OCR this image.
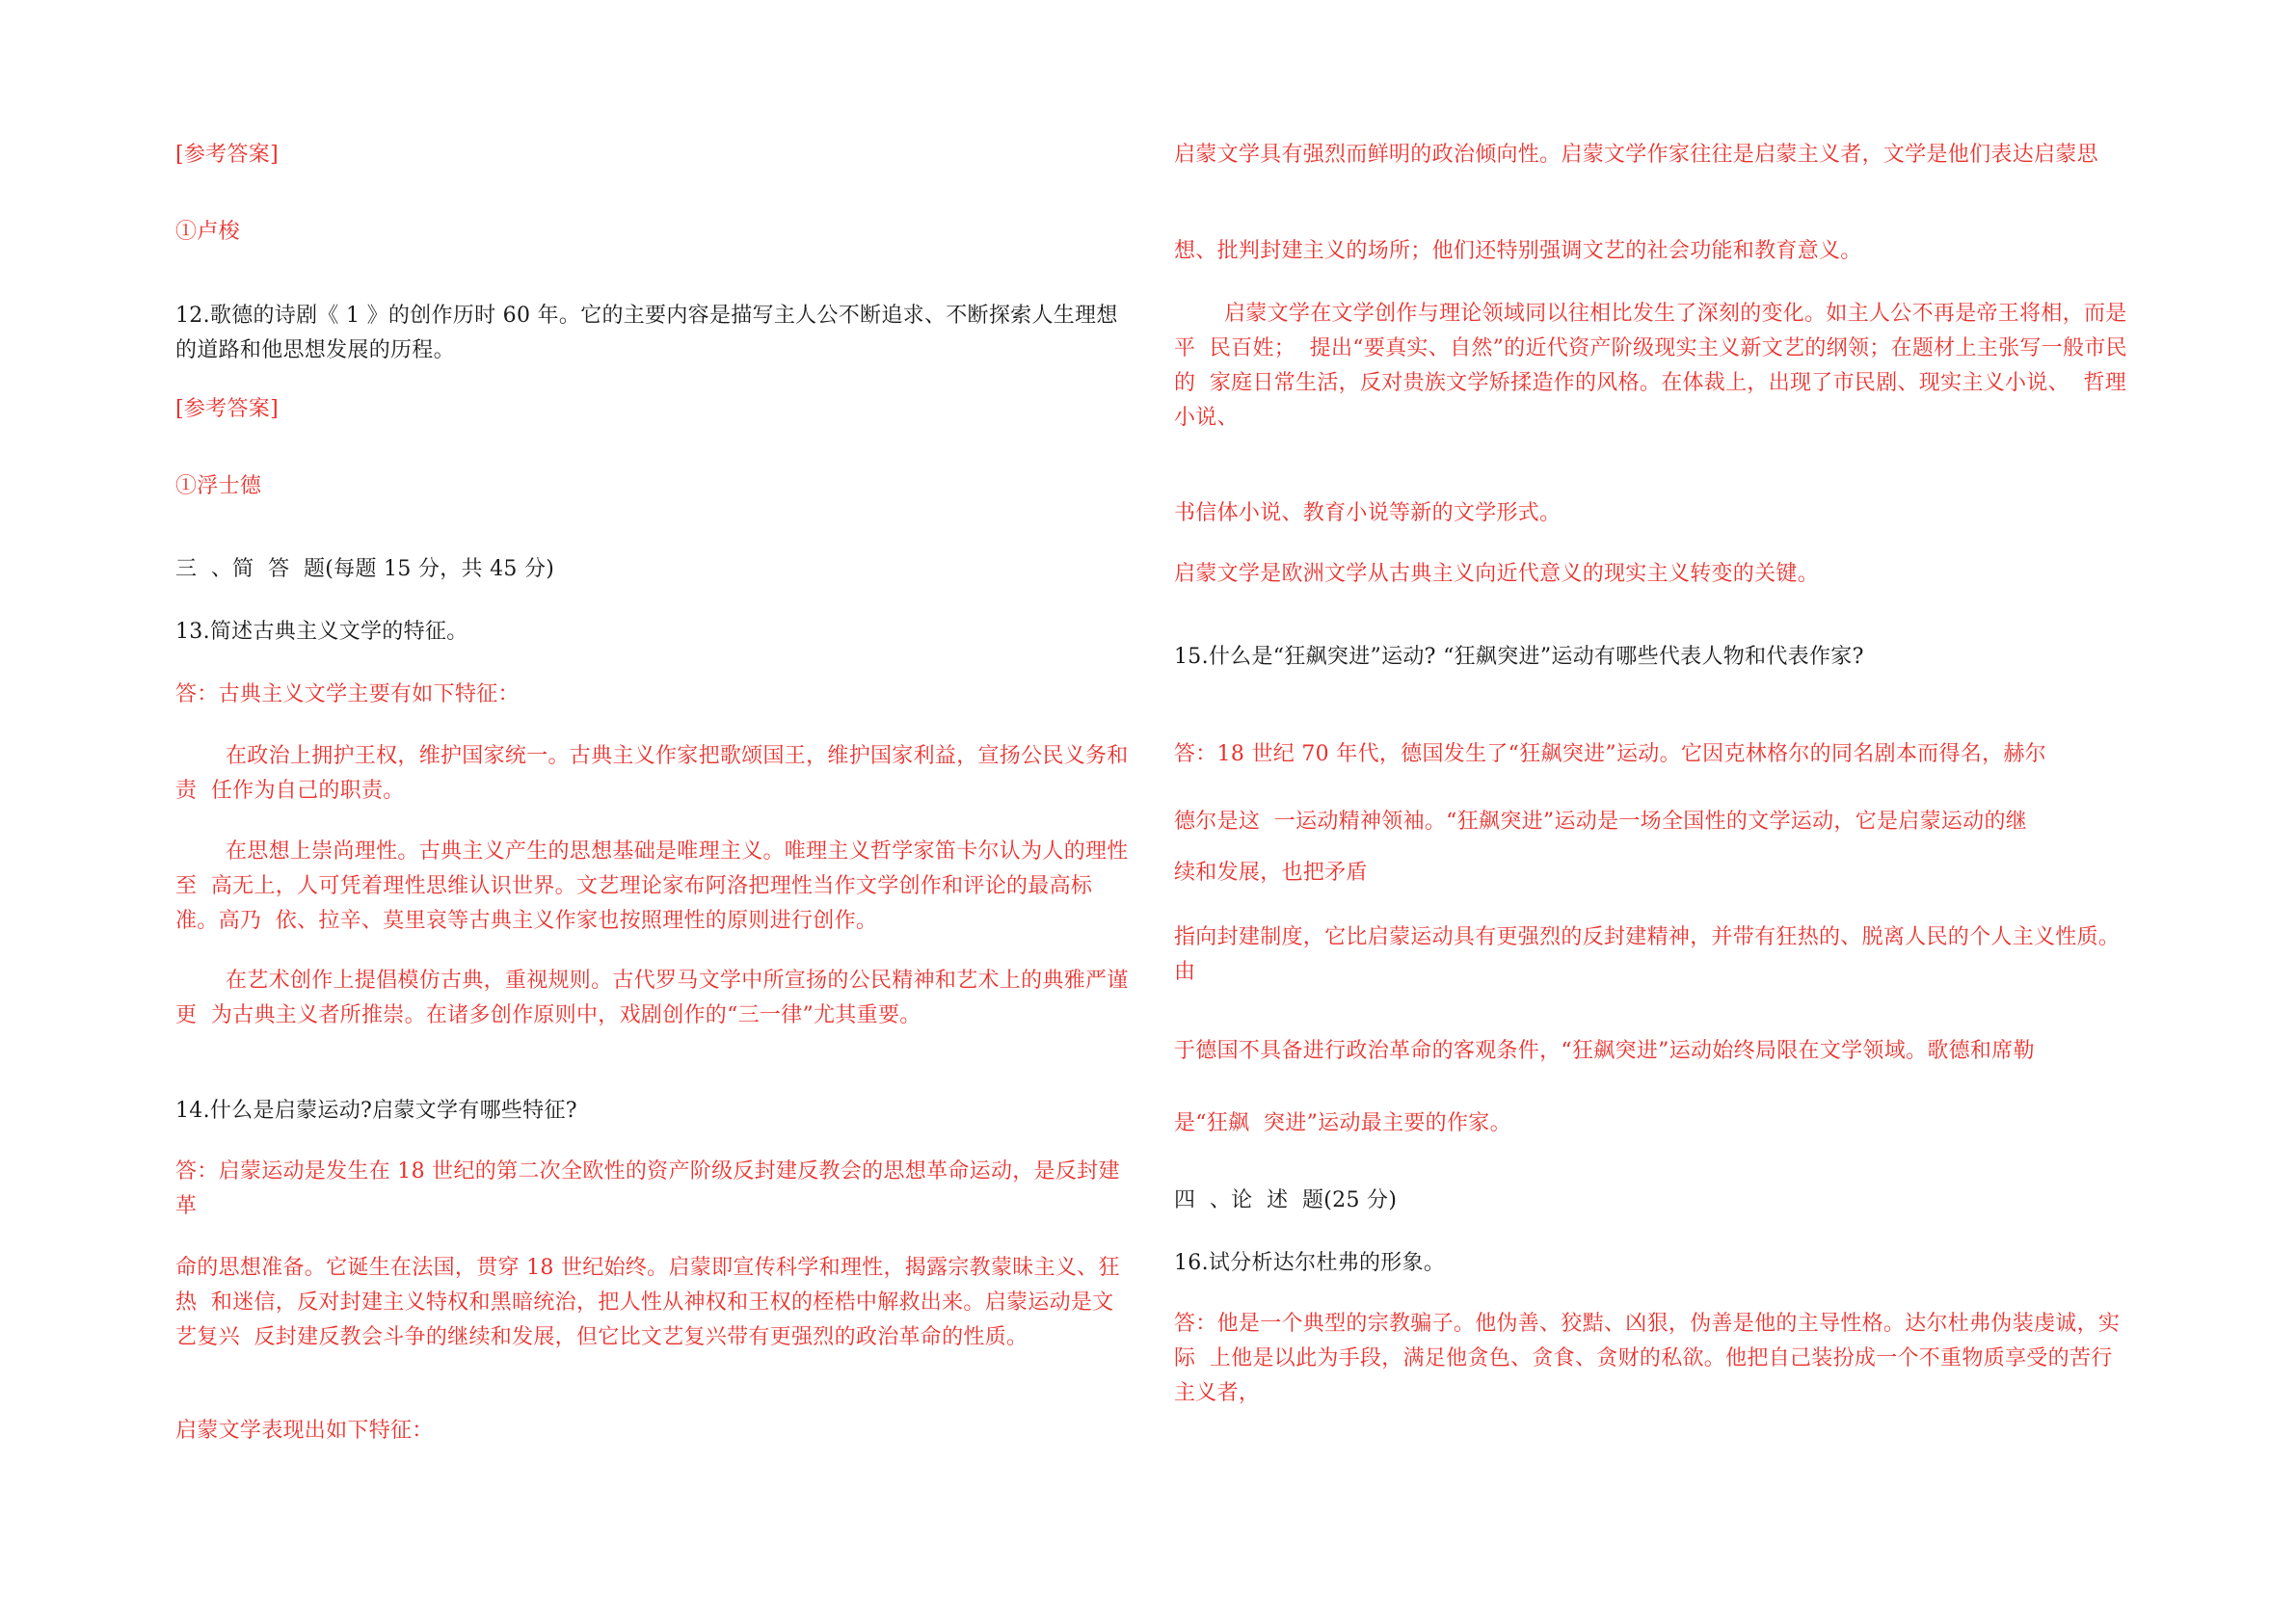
[参考答案]
①卢梭
12.歌德的诗剧《 1 》的创作历时 60 年。它的主要内容是描写主人公不断追求、不断探索人生理想  的道路和他思想发展的历程。
[参考答案]
①浮士德
三  、简  答  题(每题 15 分，共 45 分)
13.简述古典主义文学的特征。
答：古典主义文学主要有如下特征：
在政治上拥护王权，维护国家统一。古典主义作家把歌颂国王，维护国家利益，宣扬公民义务和责  任作为自己的职责。
在思想上崇尚理性。古典主义产生的思想基础是唯理主义。唯理主义哲学家笛卡尔认为人的理性至  高无上，人可凭着理性思维认识世界。文艺理论家布阿洛把理性当作文学创作和评论的最高标准。高乃  依、拉辛、莫里哀等古典主义作家也按照理性的原则进行创作。
在艺术创作上提倡模仿古典，重视规则。古代罗马文学中所宣扬的公民精神和艺术上的典雅严谨更  为古典主义者所推崇。在诸多创作原则中，戏剧创作的“三一律”尤其重要。
14.什么是启蒙运动?启蒙文学有哪些特征?
答：启蒙运动是发生在 18 世纪的第二次全欧性的资产阶级反封建反教会的思想革命运动，是反封建革
命的思想准备。它诞生在法国，贯穿 18 世纪始终。启蒙即宣传科学和理性，揭露宗教蒙昧主义、狂热  和迷信，反对封建主义特权和黑暗统治，把人性从神权和王权的桎梏中解救出来。启蒙运动是文艺复兴  反封建反教会斗争的继续和发展，但它比文艺复兴带有更强烈的政治革命的性质。
启蒙文学表现出如下特征：
启蒙文学具有强烈而鲜明的政治倾向性。启蒙文学作家往往是启蒙主义者，文学是他们表达启蒙思
想、批判封建主义的场所；他们还特别强调文艺的社会功能和教育意义。
启蒙文学在文学创作与理论领域同以往相比发生了深刻的变化。如主人公不再是帝王将相，而是平  民百姓；  提出“要真实、自然”的近代资产阶级现实主义新文艺的纲领；在题材上主张写一般市民的  家庭日常生活，反对贵族文学矫揉造作的风格。在体裁上，出现了市民剧、现实主义小说、  哲理小说、
书信体小说、教育小说等新的文学形式。
启蒙文学是欧洲文学从古典主义向近代意义的现实主义转变的关键。
15.什么是“狂飙突进”运动? “狂飙突进”运动有哪些代表人物和代表作家?
答：18 世纪 70 年代，德国发生了“狂飙突进”运动。它因克林格尔的同名剧本而得名，赫尔
德尔是这  一运动精神领袖。“狂飙突进”运动是一场全国性的文学运动，它是启蒙运动的继
续和发展，也把矛盾
指向封建制度，它比启蒙运动具有更强烈的反封建精神，并带有狂热的、脱离人民的个人主义性质。由
于德国不具备进行政治革命的客观条件，“狂飙突进”运动始终局限在文学领域。歌德和席勒
是“狂飙  突进”运动最主要的作家。
四  、论  述  题(25 分)
16.试分析达尔杜弗的形象。
答：他是一个典型的宗教骗子。他伪善、狡黠、凶狠，伪善是他的主导性格。达尔杜弗伪装虔诚，实际  上他是以此为手段，满足他贪色、贪食、贪财的私欲。他把自己装扮成一个不重物质享受的苦行主义者，
